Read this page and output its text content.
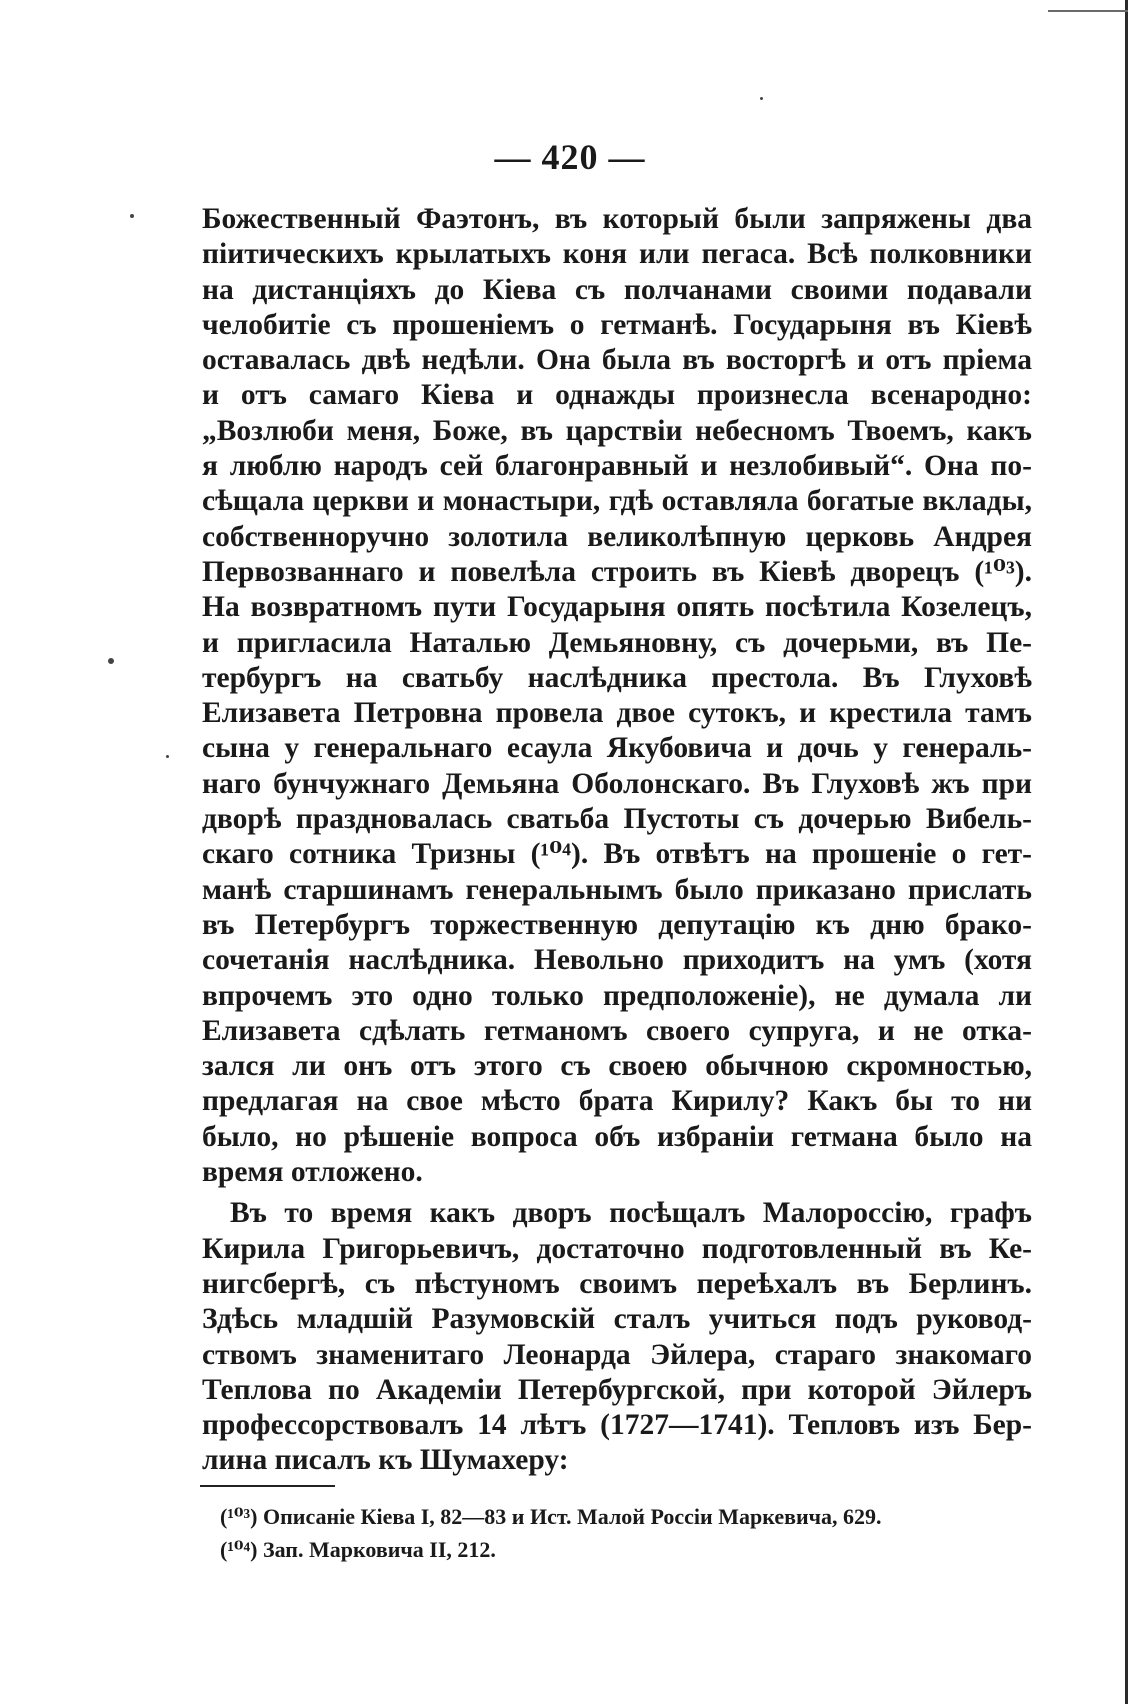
— 420 —
Божественный Фаэтонъ, въ который были запряжены два
піитическихъ крылатыхъ коня или пегаса. Всѣ полковники
на дистанціяхъ до Кіева съ полчанами своими подавали
челобитіе съ прошеніемъ о гетманѣ. Государыня въ Кіевѣ
оставалась двѣ недѣли. Она была въ восторгѣ и отъ пріема
и отъ самаго Кіева и однажды произнесла всенародно:
„Возлюби меня, Боже, въ царствіи небесномъ Твоемъ, какъ
я люблю народъ сей благонравный и незлобивый“. Она по-
сѣщала церкви и монастыри, гдѣ оставляла богатые вклады,
собственноручно золотила великолѣпную церковь Андрея
Первозваннаго и повелѣла строить въ Кіевѣ дворецъ (¹⁰³).
На возвратномъ пути Государыня опять посѣтила Козелецъ,
и пригласила Наталью Демьяновну, съ дочерьми, въ Пе-
тербургъ на сватьбу наслѣдника престола. Въ Глуховѣ
Елизавета Петровна провела двое сутокъ, и крестила тамъ
сына у генеральнаго есаула Якубовича и дочь у генераль-
наго бунчужнаго Демьяна Оболонскаго. Въ Глуховѣ жъ при
дворѣ праздновалась сватьба Пустоты съ дочерью Вибель-
скаго сотника Тризны (¹⁰⁴). Въ отвѣтъ на прошеніе о гет-
манѣ старшинамъ генеральнымъ было приказано прислать
въ Петербургъ торжественную депутацію къ дню брако-
сочетанія наслѣдника. Невольно приходитъ на умъ (хотя
впрочемъ это одно только предположеніе), не думала ли
Елизавета сдѣлать гетманомъ своего супруга, и не отка-
зался ли онъ отъ этого съ своею обычною скромностью,
предлагая на свое мѣсто брата Кирилу? Какъ бы то ни
было, но рѣшеніе вопроса объ избраніи гетмана было на
время отложено.
Въ то время какъ дворъ посѣщалъ Малороссію, графъ
Кирила Григорьевичъ, достаточно подготовленный въ Ке-
нигсбергѣ, съ пѣстуномъ своимъ переѣхалъ въ Берлинъ.
Здѣсь младшій Разумовскій сталъ учиться подъ руковод-
ствомъ знаменитаго Леонарда Эйлера, стараго знакомаго
Теплова по Академіи Петербургской, при которой Эйлеръ
профессорствовалъ 14 лѣтъ (1727—1741). Тепловъ изъ Бер-
лина писалъ къ Шумахеру:
(¹⁰³) Описаніе Кіева I, 82—83 и Ист. Малой Россіи Маркевича, 629.
(¹⁰⁴) Зап. Марковича II, 212.
